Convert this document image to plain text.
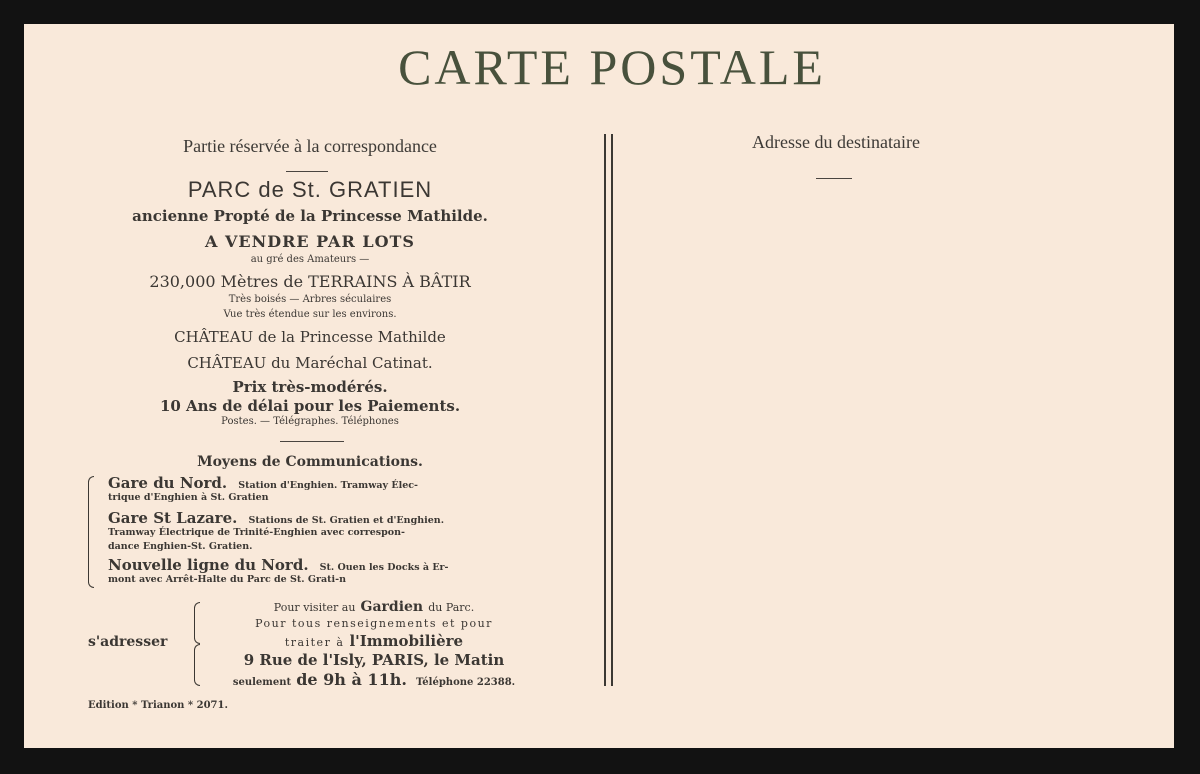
CARTE POSTALE
Partie réservée à la correspondance
PARC de St. GRATIEN
ancienne Propté de la Princesse Mathilde.
A VENDRE PAR LOTS
au gré des Amateurs —
230,000 Mètres de TERRAINS À BÂTIR
Très boisés — Arbres séculaires
Vue très étendue sur les environs.
CHÂTEAU de la Princesse Mathilde
CHÂTEAU du Maréchal Catinat.
Prix très-modérés.
10 Ans de délai pour les Paiements.
Postes. — Télégraphes. Téléphones
Moyens de Communications.
Gare du Nord. Station d'Enghien. Tramway Élec-
trique d'Enghien à St. Gratien
Gare St Lazare. Stations de St. Gratien et d'Enghien.
Tramway Électrique de Trinité-Enghien avec correspon-
dance Enghien-St. Gratien.
Nouvelle ligne du Nord. St. Ouen les Docks à Er-
mont avec Arrêt-Halte du Parc de St. Grati-n
s'adresser
Pour visiter au Gardien du Parc.
Pour tous renseignements et pour
traiter à l'Immobilière
9 Rue de l'Isly, PARIS, le Matin
seulement de 9h à 11h. Téléphone 22388.
Edition * Trianon * 2071.
Adresse du destinataire
